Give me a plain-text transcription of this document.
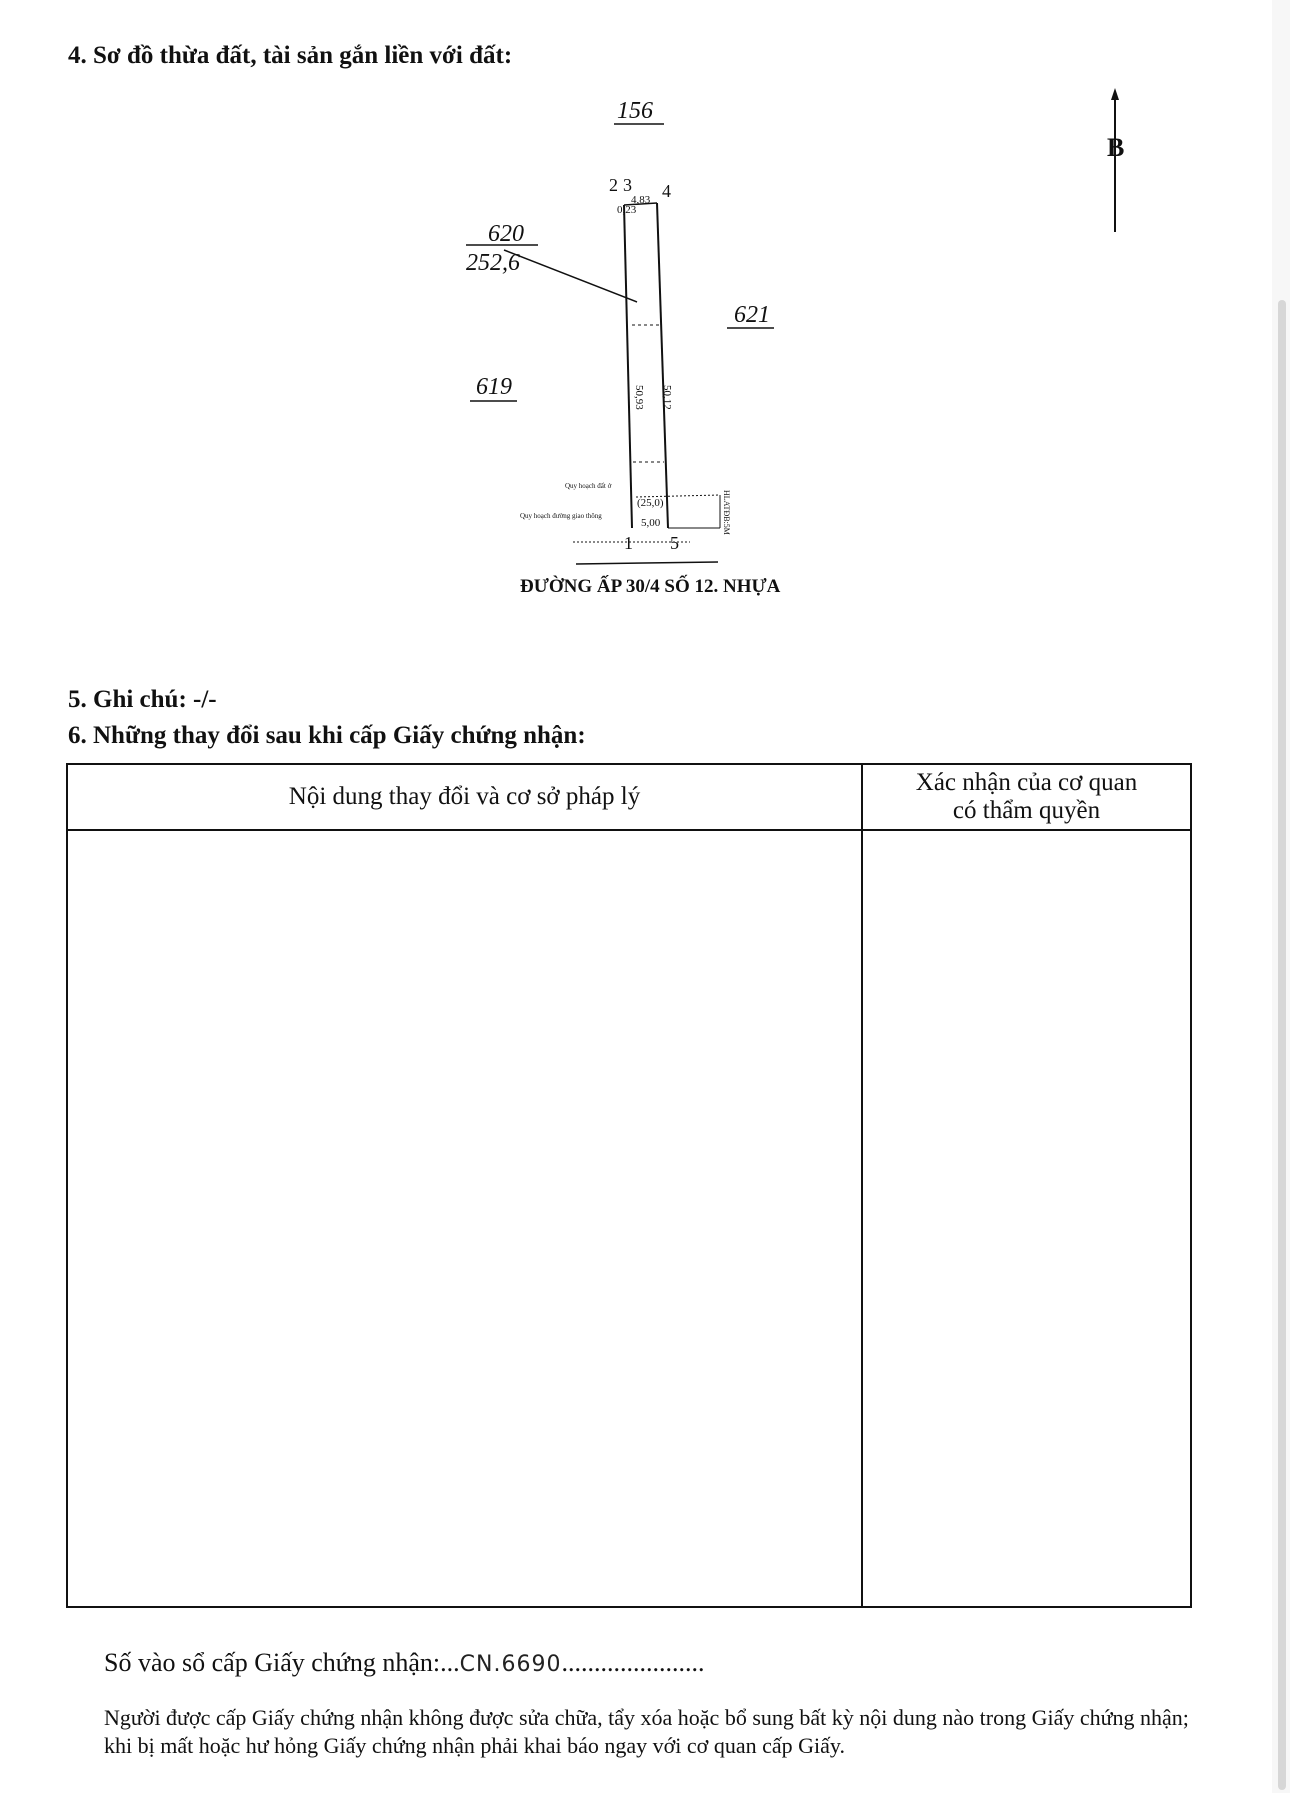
4. Sơ đồ thừa đất, tài sản gắn liền với đất:
B
156
620
252,6
621
619
2 3 4
1 5
4,83
0,23
50,93 50,12
(25,0)
5,00
Quy hoạch đất ở
Quy hoạch đường giao thông	HLATĐB:5M
ĐƯỜNG ẤP 30/4 SỐ 12. NHỰA
5. Ghi chú: -/-
6. Những thay đổi sau khi cấp Giấy chứng nhận:
Nội dung thay đổi và cơ sở pháp lý
Xác nhận của cơ quan
có thẩm quyền
Số vào sổ cấp Giấy chứng nhận:...CN.6690......................
Người được cấp Giấy chứng nhận không được sửa chữa, tẩy xóa hoặc bổ sung bất kỳ nội dung nào trong Giấy chứng nhận; khi bị mất hoặc hư hỏng Giấy chứng nhận phải khai báo ngay với cơ quan cấp Giấy.
